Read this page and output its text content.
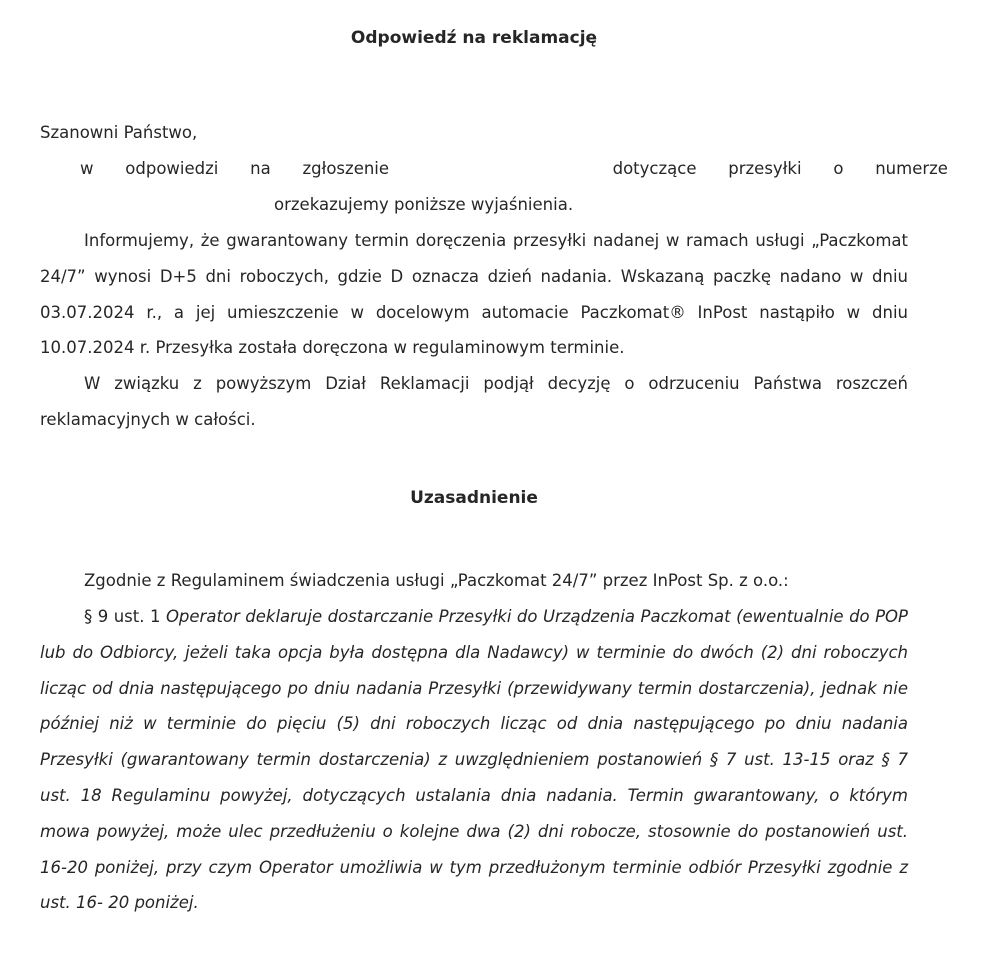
Odpowiedź na reklamację
Szanowni Państwo,
w odpowiedzi na zgłoszenie	dotyczące przesyłki o numerze
orzekazujemy poniższe wyjaśnienia.
Informujemy, że gwarantowany termin doręczenia przesyłki nadanej w ramach usługi „Paczkomat 24/7” wynosi D+5 dni roboczych, gdzie D oznacza dzień nadania. Wskazaną paczkę nadano w dniu 03.07.2024 r., a jej umieszczenie w docelowym automacie Paczkomat® InPost nastąpiło w dniu 10.07.2024 r. Przesyłka została doręczona w regulaminowym terminie.
W związku z powyższym Dział Reklamacji podjął decyzję o odrzuceniu Państwa roszczeń reklamacyjnych w całości.
Uzasadnienie
Zgodnie z Regulaminem świadczenia usługi „Paczkomat 24/7” przez InPost Sp. z o.o.:
§ 9 ust. 1 Operator deklaruje dostarczanie Przesyłki do Urządzenia Paczkomat (ewentualnie do POP lub do Odbiorcy, jeżeli taka opcja była dostępna dla Nadawcy) w terminie do dwóch (2) dni roboczych licząc od dnia następującego po dniu nadania Przesyłki (przewidywany termin dostarczenia), jednak nie później niż w terminie do pięciu (5) dni roboczych licząc od dnia następującego po dniu nadania Przesyłki (gwarantowany termin dostarczenia) z uwzględnieniem postanowień § 7 ust. 13-15 oraz § 7 ust. 18 Regulaminu powyżej, dotyczących ustalania dnia nadania. Termin gwarantowany, o którym mowa powyżej, może ulec przedłużeniu o kolejne dwa (2) dni robocze, stosownie do postanowień ust. 16-20 poniżej, przy czym Operator umożliwia w tym przedłużonym terminie odbiór Przesyłki zgodnie z ust. 16- 20 poniżej.
